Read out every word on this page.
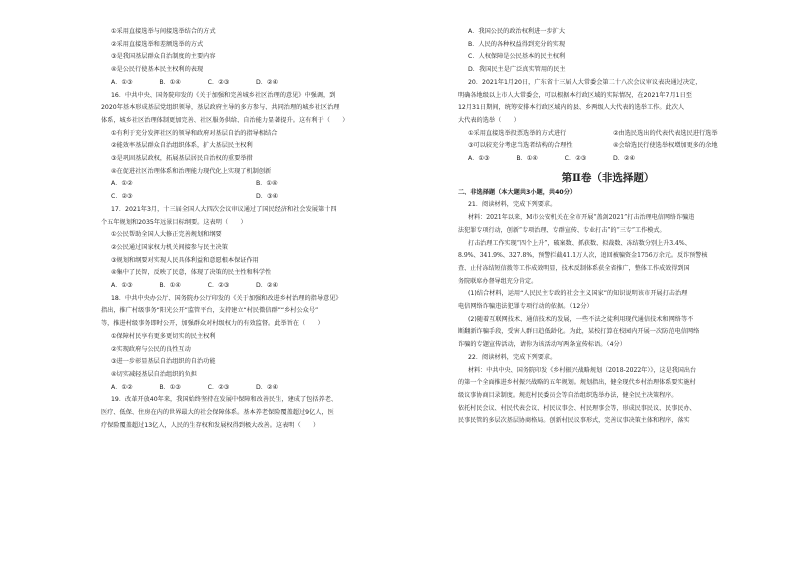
①采用直接选举与间接选举结合的方式
②采用直接选举和差额选举的方式
③是我国基层群众自治制度的主要内容
④是公民行使基本民主权利的表现
A．①③	B．①④	C．②③	D．②④
16．中共中央、国务院印发的《关于加强和完善城乡社区治理的意见》中强调，到
2020年基本形成基层党组织领导，基层政府主导的多方参与、共同治理的城乡社区治理
体系，城乡社区治理体制更加完善、社区服务供给、自治能力显著提升。这有利于（　　）
①有利于充分发挥社区的领导和政府对基层自治的指导相结合
②能效率基层群众自治组织体系，扩大基层民主权利
③是巩固基层政权，拓展基层居民自治权的重要举措
④在促进社区治理体系和治理能力现代化上实现了机制创新
A．①②	B．①④
C．②③	D．③④
17．2021年3月，十三届全国人大四次会议审议通过了国民经济和社会发展第十四
个五年规划和2035年远景目标纲要。这表明（　　）
①公民帮助全国人大修正完善规划和纲要
②公民通过国家权力机关间接参与民主决策
③规划和纲要对实现人民具体利益和意愿根本保证作用
④集中了民智，反映了民意，体现了决策的民主性和科学性
A．①③	B．①④	C．②③	D．②④
18．中共中央办公厅、国务院办公厅印发的《关于加强和改进乡村治理的指导意见》
指出，推广村级事务“阳光公开”监管平台，支持建立“村民微信群”“乡村公众号”
等，推进村级事务即时公开，加强群众对村级权力的有效监督。此举旨在（　　）
①保障村民享有更多更切实的民主权利
②实现政府与公民的良性互动
③进一步彰显基层自治组织的自治功能
④切实减轻基层自治组织的负担
A．①②	B．①③	C．②③	D．②④
19．改革开放40年来，我国始终坚持在发展中保障和改善民生，建成了包括养老、
医疗、低保、住房在内的世界最大的社会保障体系。基本养老保险覆盖超过9亿人，医
疗保险覆盖超过13亿人，人民的生存权和发展权得到极大改善。这表明（　　）
A．我国公民的政治权利进一步扩大
B．人民的各种权益得到充分的实现
C．人权保障是公民基本的民主权利
D．我国民主是广泛真实管用的民主
20．2021年1月20日，广东省十三届人大常委会第二十八次会议审议表决通过决定，
明确各地级以上市人大常委会，可以根据本行政区域的实际情况，在2021年7月1日至
12月31日期间，统筹安排本行政区域内的县、乡两级人大代表的选举工作。此次人
大代表的选举（　　）
①采用直接选举投票选举的方式进行	②由选民选出的代表代表选民进行选举
③可以较充分考虑当选者结构的合理性	④会给选民行使选举权增加更多的余地
A．①③	B．①④	C．②③	D．②④
第Ⅱ卷（非选择题）
二、非选择题（本大题共3小题，共40分）
21．阅读材料，完成下列要求。
材料：2021年以来，M市公安机关在全市开展“盖剑2021”打击治理电信网络诈骗违
法犯罪专项行动，创新“专项治理、专群宣传、专业打击”的“三专”工作模式。
打击治理工作实现“四个上升”，破案数、抓获数、拟裁数、冻结数分别上升3.4%、
8.9%、341.9%、327.8%，预警拦截41.1万人次，追回被骗资金1756万余元。反诈预警核
査、止付冻结短信拨等工作成效明显，技术反制体系获全省推广，整体工作成效得到国
务院联席办督导组充分肯定。
(1)结合材料，运用“人民民主专政的社会主义国家”的知识说明该市开展打击治理
电信网络诈骗违法犯罪专项行动的依据。（12分）
(2)随着互联网技术、通信技术的发展，一些不法之徒利用现代通信技术和网络等不
断翻新诈骗手段，受害人群日趋低龄化。为此，某校打算在校园内开展一次防范电信网络
诈骗的专题宣传活动，请你为该活动写两条宣传标语。（4分）
22．阅读材料，完成下列要求。
材料：中共中央、国务院印发《乡村振兴战略规划（2018-2022年）》，这是我国出台
的第一个全面推进乡村振兴战略的五年规划。规划指出，健全现代乡村治理体系要实施村
级议事协商目录制度。规范村民委员会等自治组织选举办法，健全民主决策程序。
依托村民会议、村民代表会议、村民议事会、村民理事会等，形成民事民议、民事民办、
民事民管的多层次基层协商格局。创新村民议事形式，完善议事决策主体和程序，落实
